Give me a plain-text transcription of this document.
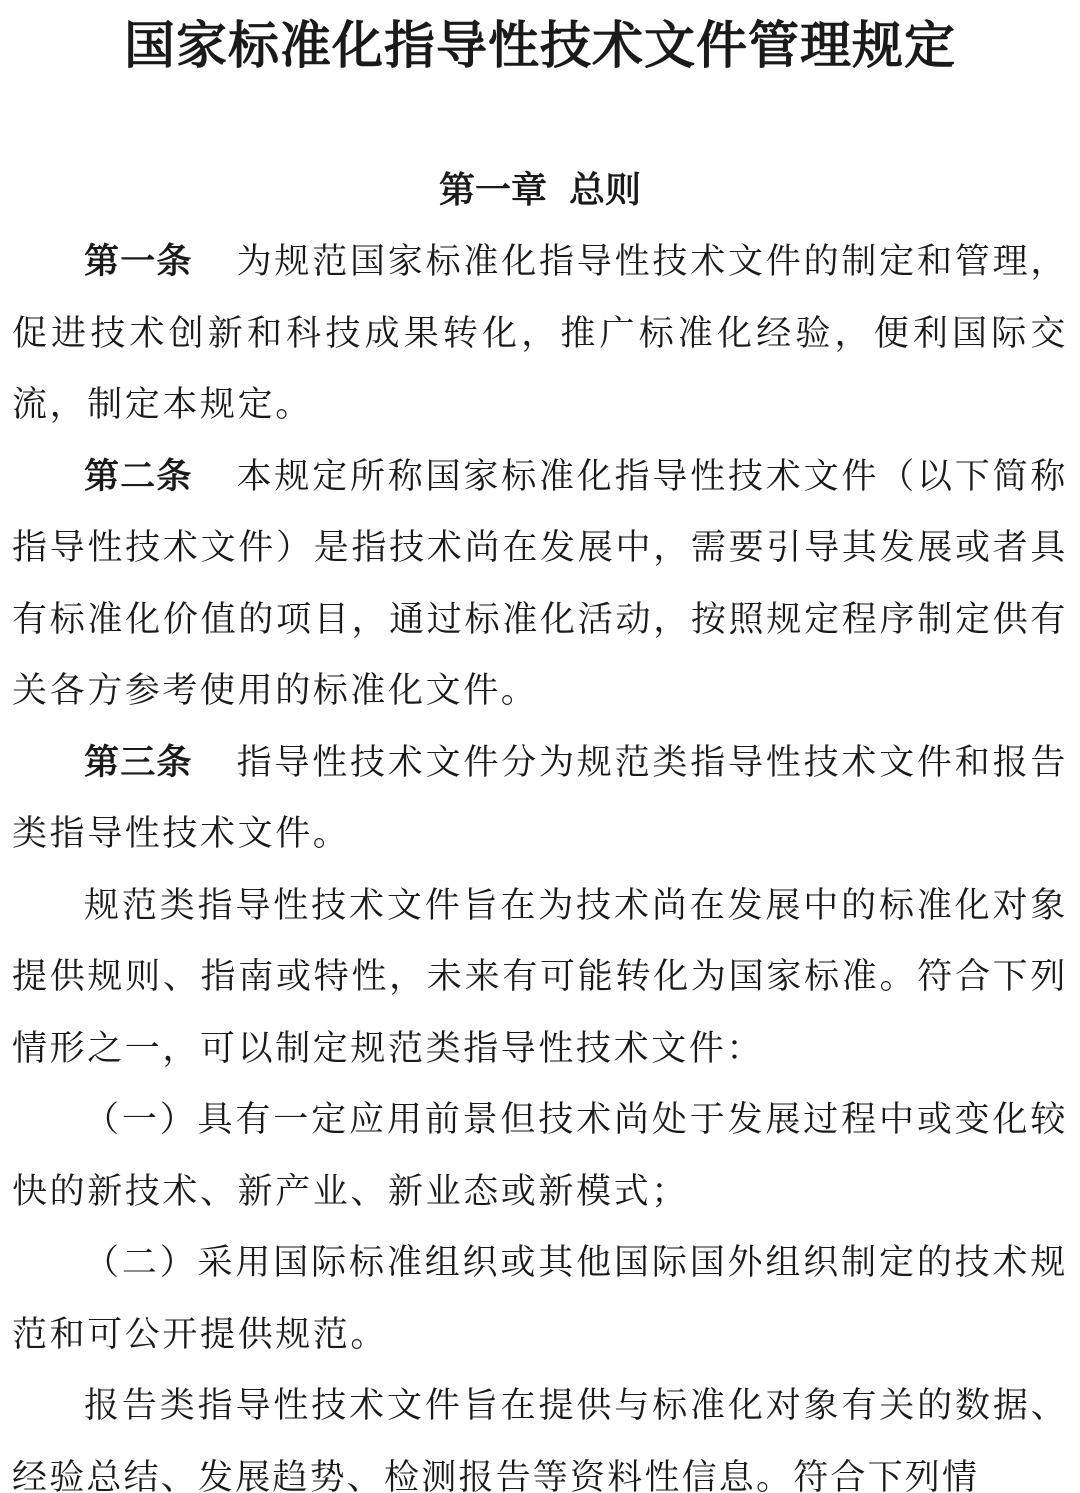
国家标准化指导性技术文件管理规定
第一章 总则

第一条 为规范国家标准化指导性技术文件的制定和管理，促进技术创新和科技成果转化，推广标准化经验，便利国际交流，制定本规定。

第二条 本规定所称国家标准化指导性技术文件（以下简称指导性技术文件）是指技术尚在发展中，需要引导其发展或者具有标准化价值的项目，通过标准化活动，按照规定程序制定供有关各方参考使用的标准化文件。

第三条 指导性技术文件分为规范类指导性技术文件和报告类指导性技术文件。

规范类指导性技术文件旨在为技术尚在发展中的标准化对象提供规则、指南或特性，未来有可能转化为国家标准。符合下列情形之一，可以制定规范类指导性技术文件：

（一）具有一定应用前景但技术尚处于发展过程中或变化较快的新技术、新产业、新业态或新模式；

（二）采用国际标准组织或其他国际国外组织制定的技术规范和可公开提供规范。

报告类指导性技术文件旨在提供与标准化对象有关的数据、经验总结、发展趋势、检测报告等资料性信息。符合下列情
